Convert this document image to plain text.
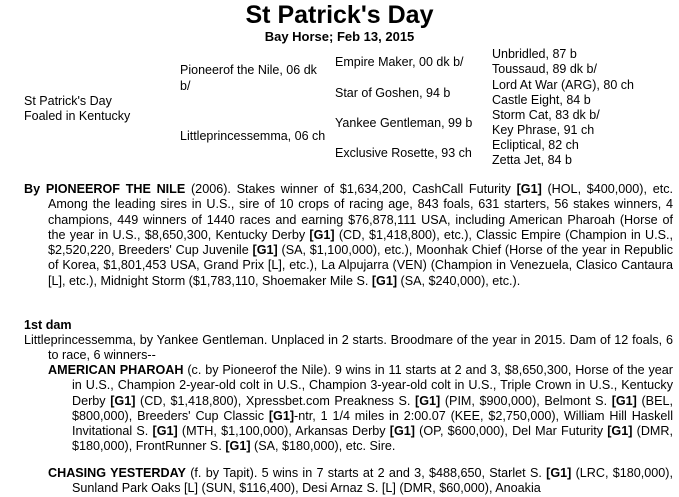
St Patrick's Day
Bay Horse; Feb 13, 2015
St Patrick's Day
Foaled in Kentucky
Pioneerof the Nile, 06 dk b/
Littleprincessemma, 06 ch
Empire Maker, 00 dk b/
Star of Goshen, 94 b
Yankee Gentleman, 99 b
Exclusive Rosette, 93 ch
Unbridled, 87 b
Toussaud, 89 dk b/
Lord At War (ARG), 80 ch
Castle Eight, 84 b
Storm Cat, 83 dk b/
Key Phrase, 91 ch
Ecliptical, 82 ch
Zetta Jet, 84 b
By PIONEEROF THE NILE (2006). Stakes winner of $1,634,200, CashCall Futurity [G1] (HOL, $400,000), etc. Among the leading sires in U.S., sire of 10 crops of racing age, 843 foals, 631 starters, 56 stakes winners, 4 champions, 449 winners of 1440 races and earning $76,878,111 USA, including American Pharoah (Horse of the year in U.S., $8,650,300, Kentucky Derby [G1] (CD, $1,418,800), etc.), Classic Empire (Champion in U.S., $2,520,220, Breeders' Cup Juvenile [G1] (SA, $1,100,000), etc.), Moonhak Chief (Horse of the year in Republic of Korea, $1,801,453 USA, Grand Prix [L], etc.), La Alpujarra (VEN) (Champion in Venezuela, Clasico Cantaura [L], etc.), Midnight Storm ($1,783,110, Shoemaker Mile S. [G1] (SA, $240,000), etc.).
1st dam
Littleprincessemma, by Yankee Gentleman. Unplaced in 2 starts. Broodmare of the year in 2015. Dam of 12 foals, 6 to race, 6 winners--
AMERICAN PHAROAH (c. by Pioneerof the Nile). 9 wins in 11 starts at 2 and 3, $8,650,300, Horse of the year in U.S., Champion 2-year-old colt in U.S., Champion 3-year-old colt in U.S., Triple Crown in U.S., Kentucky Derby [G1] (CD, $1,418,800), Xpressbet.com Preakness S. [G1] (PIM, $900,000), Belmont S. [G1] (BEL, $800,000), Breeders' Cup Classic [G1]-ntr, 1 1/4 miles in 2:00.07 (KEE, $2,750,000), William Hill Haskell Invitational S. [G1] (MTH, $1,100,000), Arkansas Derby [G1] (OP, $600,000), Del Mar Futurity [G1] (DMR, $180,000), FrontRunner S. [G1] (SA, $180,000), etc. Sire.
CHASING YESTERDAY (f. by Tapit). 5 wins in 7 starts at 2 and 3, $488,650, Starlet S. [G1] (LRC, $180,000), Sunland Park Oaks [L] (SUN, $116,400), Desi Arnaz S. [L] (DMR, $60,000), Anoakia
